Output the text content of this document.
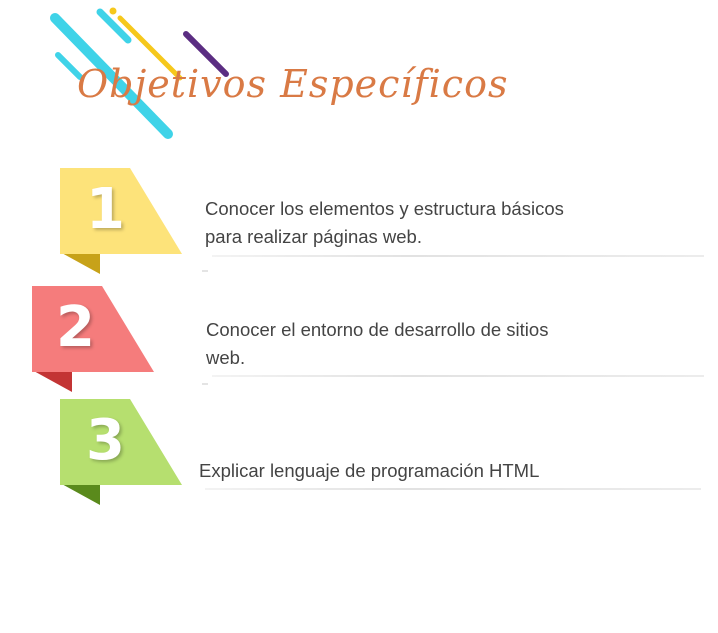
Objetivos Específicos
1	Conocer los elementos y estructura básicos
para realizar páginas web.
2	Conocer el entorno de desarrollo de sitios
web.
3	Explicar lenguaje de programación HTML
